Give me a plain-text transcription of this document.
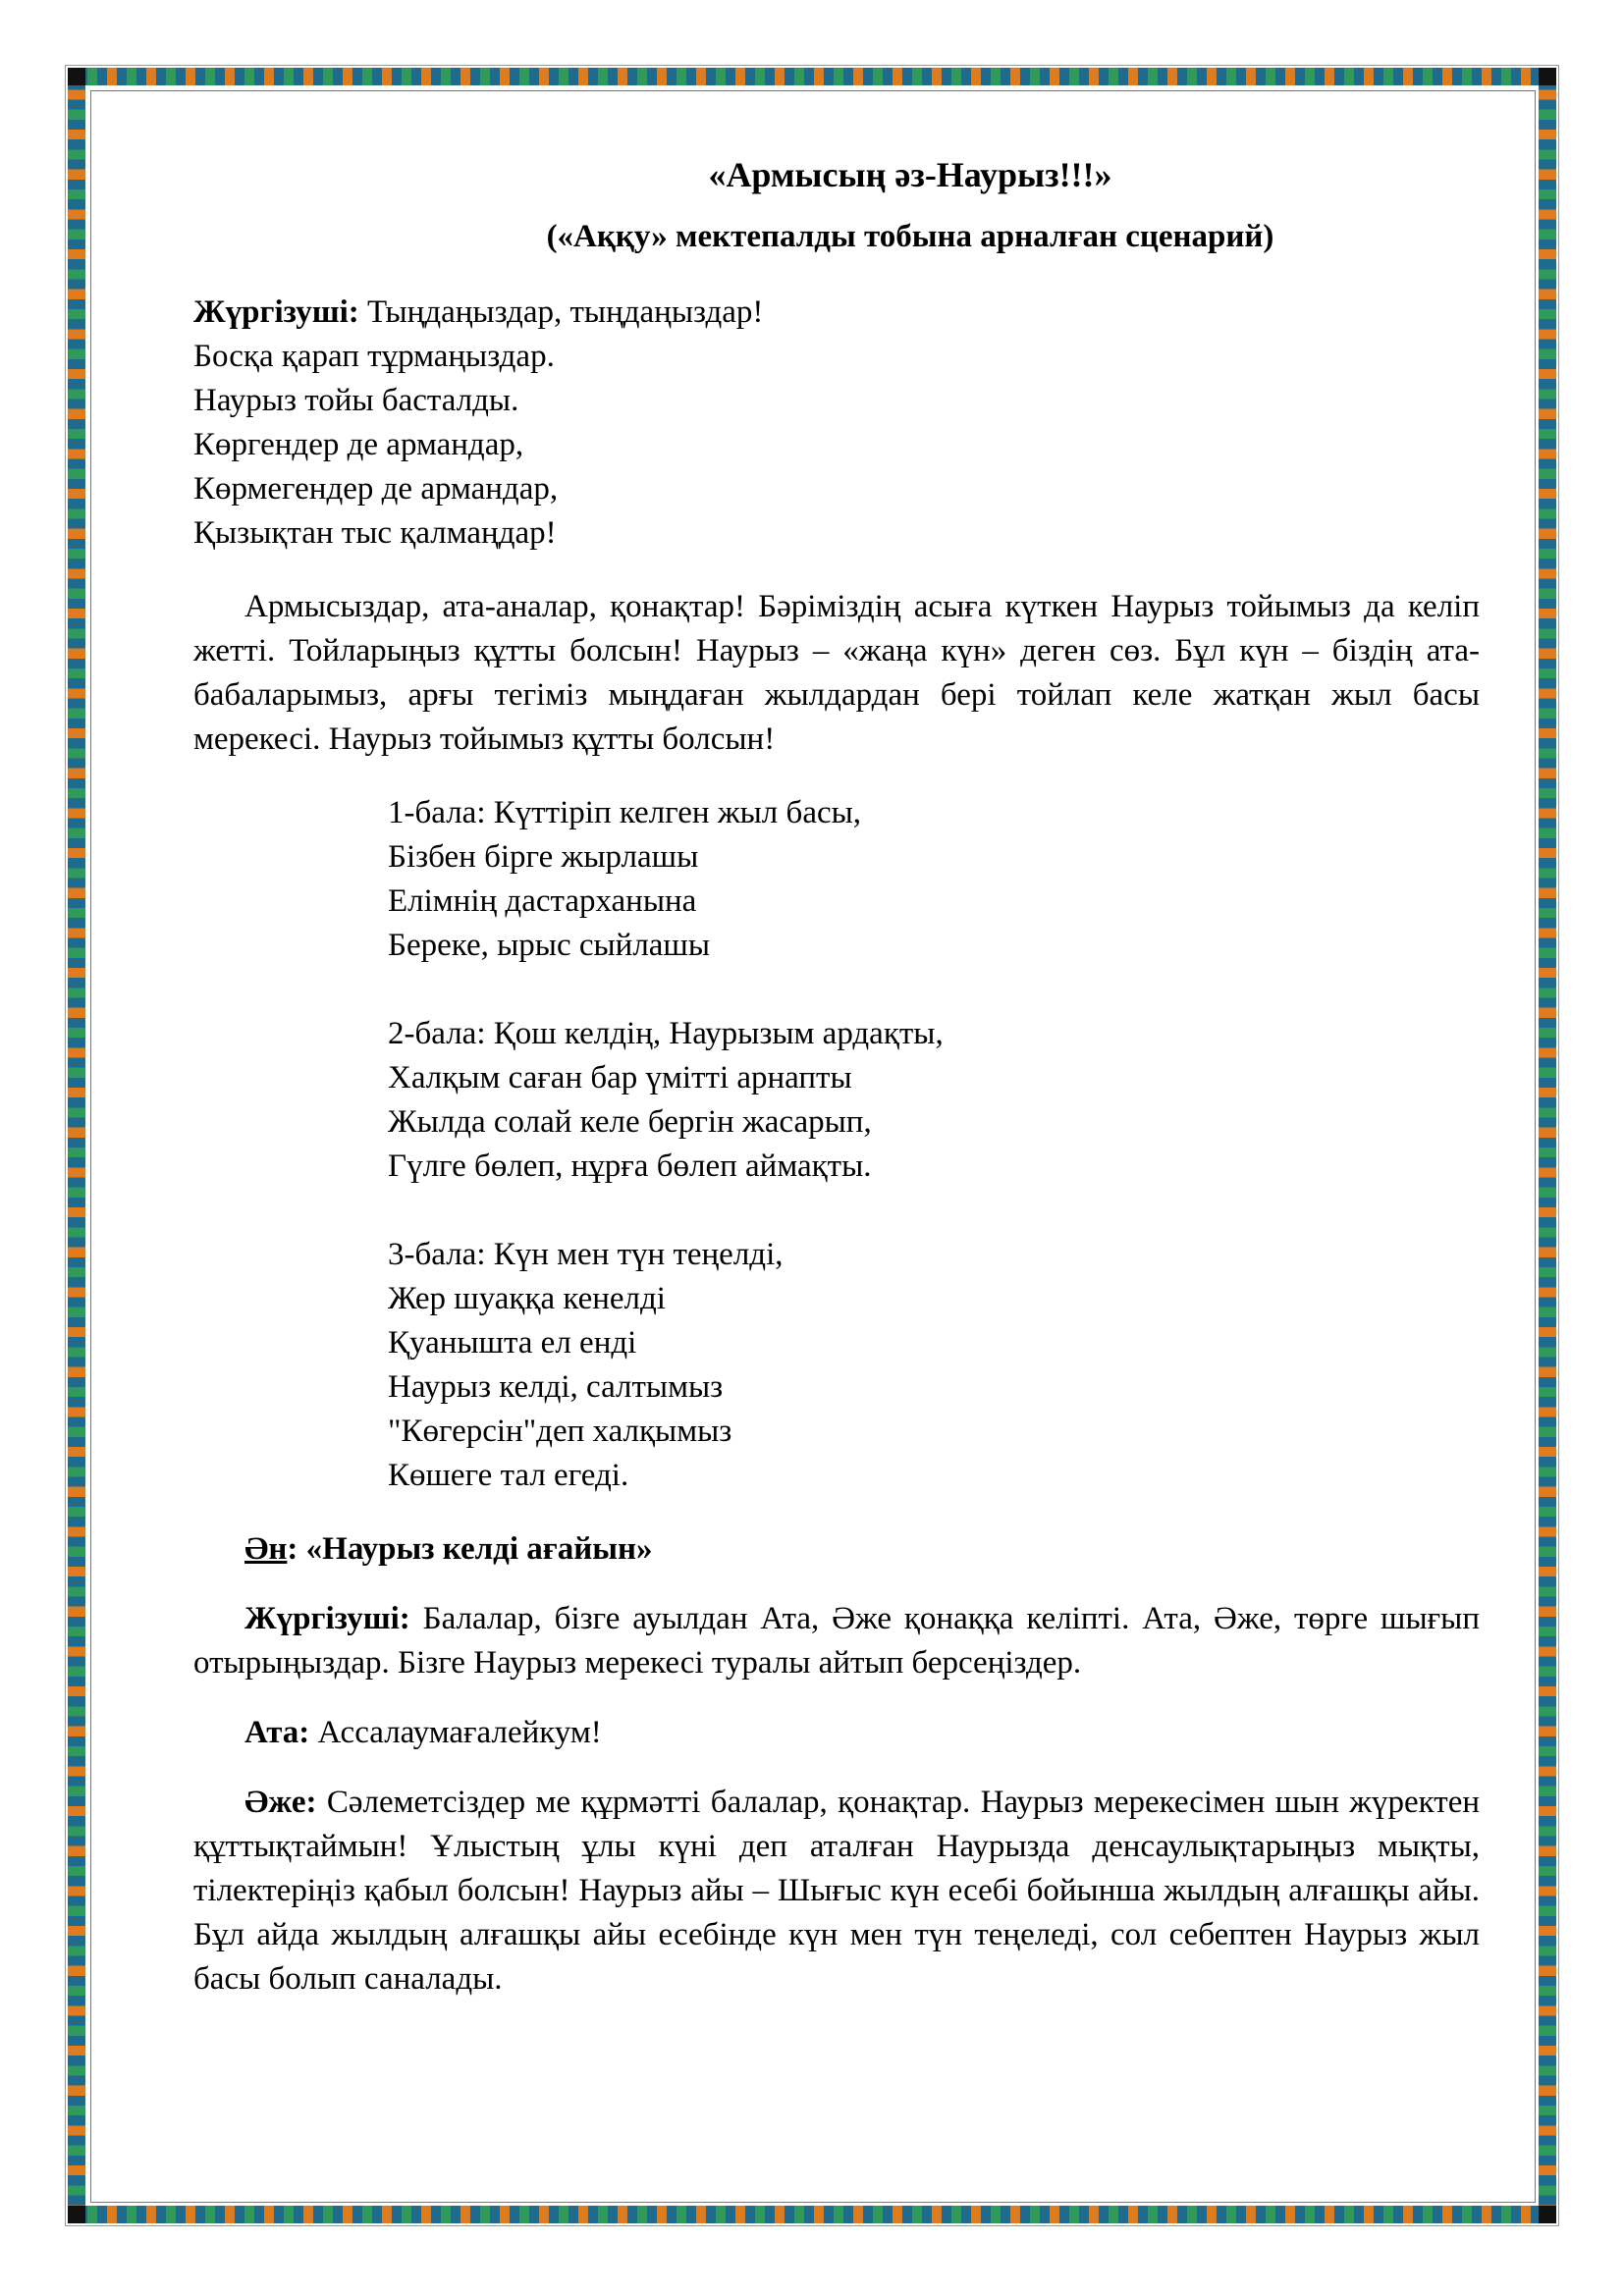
«Армысың әз-Наурыз!!!»
(«Аққу» мектепалды тобына арналған сценарий)
Жүргізуші: Тыңдаңыздар, тыңдаңыздар!
Босқа қарап тұрмаңыздар.
Наурыз тойы басталды.
Көргендер де армандар,
Көрмегендер де армандар,
Қызықтан тыс қалмаңдар!
Армысыздар, ата-аналар, қонақтар! Бәріміздің асыға күткен Наурыз тойымыз да келіп жетті. Тойларыңыз құтты болсын! Наурыз – «жаңа күн» деген сөз. Бұл күн – біздің ата-бабаларымыз, арғы тегіміз мыңдаған жылдардан бері тойлап келе жатқан жыл басы мерекесі. Наурыз тойымыз құтты болсын!
1-бала: Күттіріп келген жыл басы,
Бізбен бірге жырлашы
Елімнің дастарханына
Береке, ырыс сыйлашы
2-бала: Қош келдің, Наурызым ардақты,
Халқым саған бар үмітті арнапты
Жылда солай келе бергін жасарып,
Гүлге бөлеп, нұрға бөлеп аймақты.
3-бала: Күн мен түн теңелді,
Жер шуаққа кенелді
Қуанышта ел енді
Наурыз келді, салтымыз
"Көгерсін"деп халқымыз
Көшеге тал егеді.
Ән: «Наурыз келді ағайын»
Жүргізуші: Балалар, бізге ауылдан Ата, Әже қонаққа келіпті. Ата, Әже, төрге шығып отырыңыздар. Бізге Наурыз мерекесі туралы айтып берсеңіздер.
Ата: Ассалаумағалейкум!
Әже: Сәлеметсіздер ме құрмәтті балалар, қонақтар. Наурыз мерекесімен шын жүректен құттықтаймын! Ұлыстың ұлы күні деп аталған Наурызда денсаулықтарыңыз мықты, тілектеріңіз қабыл болсын! Наурыз айы – Шығыс күн есебі бойынша жылдың алғашқы айы. Бұл айда жылдың алғашқы айы есебінде күн мен түн теңеледі, сол себептен Наурыз жыл басы болып саналады.
